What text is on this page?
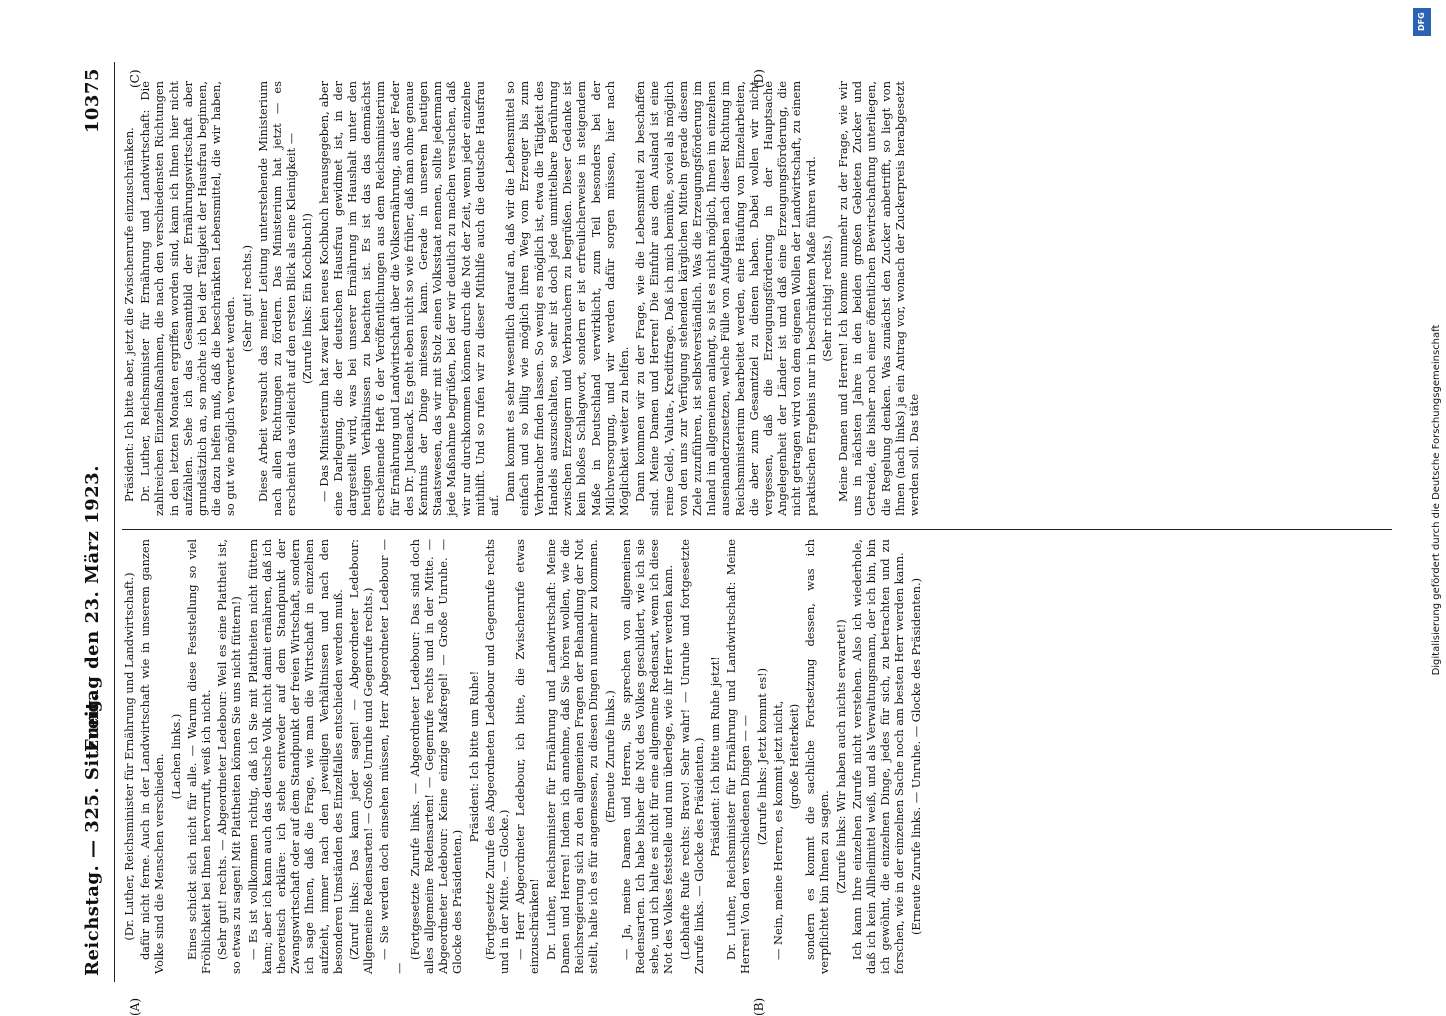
Reichstag. — 325. Sitzung.
Freitag den 23. März 1923.
10375
(A)	(B)
(C)	(D)

(Dr. Luther, Reichsminister für Ernährung und Landwirtschaft.) dafür nicht ferne. Auch in der Landwirtschaft wie in unserem ganzen Volke sind die Menschen verschieden. (Lachen links.) Eines schickt sich nicht für alle. — Warum diese Feststellung so viel Fröhlichkeit bei Ihnen hervorruft, weiß ich nicht. (Sehr gut! rechts. — Abgeordneter Ledebour: Weil es eine Plattheit ist, so etwas zu sagen! Mit Plattheiten können Sie uns nicht füttern!) — Es ist vollkommen richtig, daß ich Sie mit Plattheiten nicht füttern kann; aber ich kann auch das deutsche Volk nicht damit ernähren, daß ich theoretisch erkläre: ich stehe entweder auf dem Standpunkt der Zwangswirtschaft oder auf dem Standpunkt der freien Wirtschaft, sondern ich sage Ihnen, daß die Frage, wie man die Wirtschaft in einzelnen aufzieht, immer nach den jeweiligen Verhältnissen und nach den besonderen Umständen des Einzelfalles entschieden werden muß. (Zuruf links: Das kann jeder sagen! — Abgeordneter Ledebour: Allgemeine Redensarten! — Große Unruhe und Gegenrufe rechts.) — Sie werden doch einsehen müssen, Herr Abgeordneter Ledebour — —

(Fortgesetzte Zurufe links. — Abgeordneter Ledebour: Das sind doch alles allgemeine Redensarten! — Gegenrufe rechts und in der Mitte. — Abgeordneter Ledebour: Keine einzige Maßregel! — Große Unruhe. — Glocke des Präsidenten.)

Präsident: Ich bitte um Ruhe! (Fortgesetzte Zurufe des Abgeordneten Ledebour und Gegenrufe rechts und in der Mitte. — Glocke.) — Herr Abgeordneter Ledebour, ich bitte, die Zwischenrufe etwas einzuschränken! Dr. Luther, Reichsminister für Ernährung und Landwirtschaft: Meine Damen und Herren! Indem ich annehme, daß Sie hören wollen, wie die Reichsregierung sich zu den allgemeinen Fragen der Behandlung der Not stellt, halte ich es für angemessen, zu diesen Dingen nunmehr zu kommen. (Erneute Zurufe links.) — Ja, meine Damen und Herren, Sie sprechen von allgemeinen Redensarten. Ich habe bisher die Not des Volkes geschildert, wie ich sie sehe, und ich halte es nicht für eine allgemeine Redensart, wenn ich diese Not des Volkes feststelle und nun überlege, wie ihr Herr werden kann. (Lebhafte Rufe rechts: Bravo! Sehr wahr! — Unruhe und fortgesetzte Zurufe links. — Glocke des Präsidenten.) Präsident: Ich bitte um Ruhe jetzt! Dr. Luther, Reichsminister für Ernährung und Landwirtschaft: Meine Herren! Von den verschiedenen Dingen — — (Zurufe links: Jetzt kommt es!) — Nein, meine Herren, es kommt jetzt nicht, (große Heiterkeit) sondern es kommt die sachliche Fortsetzung dessen, was ich verpflichtet bin Ihnen zu sagen. (Zurufe links: Wir haben auch nichts erwartet!) Ich kann Ihre einzelnen Zurufe nicht verstehen. Also ich wiederhole, daß ich kein Allheilmittel weiß, und als Verwaltungsmann, der ich bin, bin ich gewöhnt, die einzelnen Dinge, jedes für sich, zu betrachten und zu forschen, wie in der einzelnen Sache noch am besten Herr werden kann. (Erneute Zurufe links. — Unruhe. — Glocke des Präsidenten.)

Präsident: Ich bitte aber, jetzt die Zwischenrufe einzuschränken. Dr. Luther, Reichsminister für Ernährung und Landwirtschaft: Die zahlreichen Einzelmaßnahmen, die nach den verschiedensten Richtungen in den letzten Monaten ergriffen worden sind, kann ich Ihnen hier nicht aufzählen. Sehe ich das Gesamtbild der Ernährungswirtschaft aber grundsätzlich an, so möchte ich bei der Tätigkeit der Hausfrau beginnen, die dazu helfen muß, daß die beschränkten Lebensmittel, die wir haben, so gut wie möglich verwertet werden. (Sehr gut! rechts.) Diese Arbeit versucht das meiner Leitung unterstehende Ministerium nach allen Richtungen zu fördern. Das Ministerium hat jetzt — es erscheint das vielleicht auf den ersten Blick als eine Kleinigkeit — (Zurufe links: Ein Kochbuch!) — Das Ministerium hat zwar kein neues Kochbuch herausgegeben, aber eine Darlegung, die der deutschen Hausfrau gewidmet ist, in der dargestellt wird, was bei unserer Ernährung im Haushalt unter den heutigen Verhältnissen zu beachten ist. Es ist das das demnächst erscheinende Heft 6 der Veröffentlichungen aus dem Reichsministerium für Ernährung und Landwirtschaft über die Volksernährung, aus der Feder des Dr. Juckenack. Es geht eben nicht so wie früher, daß man ohne genaue Kenntnis der Dinge mitessen kann. Gerade in unserem heutigen Staatswesen, das wir mit Stolz einen Volksstaat nennen, sollte jedermann jede Maßnahme begrüßen, bei der wir deutlich zu machen versuchen, daß wir nur durchkommen können durch die Not der Zeit, wenn jeder einzelne mithilft. Und so rufen wir zu dieser Mithilfe auch die deutsche Hausfrau auf.

Dann kommt es sehr wesentlich darauf an, daß wir die Lebensmittel so einfach und so billig wie möglich ihren Weg vom Erzeuger bis zum Verbraucher finden lassen. So wenig es möglich ist, etwa die Tätigkeit des Handels auszuschalten, so sehr ist doch jede unmittelbare Berührung zwischen Erzeugern und Verbrauchern zu begrüßen. Dieser Gedanke ist kein bloßes Schlagwort, sondern er ist erfreulicherweise in steigendem Maße in Deutschland verwirklicht, zum Teil besonders bei der Milchversorgung, und wir werden dafür sorgen müssen, hier nach Möglichkeit weiter zu helfen. Dann kommen wir zu der Frage, wie die Lebensmittel zu beschaffen sind. Meine Damen und Herren! Die Einfuhr aus dem Ausland ist eine reine Geld-, Valuta-, Kreditfrage. Daß ich mich bemühe, soviel als möglich von den uns zur Verfügung stehenden kärglichen Mitteln gerade diesem Ziele zuzuführen, ist selbstverständlich. Was die Erzeugungsförderung im Inland im allgemeinen anlangt, so ist es nicht möglich, Ihnen im einzelnen auseinanderzusetzen, welche Fülle von Aufgaben nach dieser Richtung im Reichsministerium bearbeitet werden, eine Häufung von Einzelarbeiten, die aber zum Gesamtziel zu dienen haben. Dabei wollen wir nicht vergessen, daß die Erzeugungsförderung in der Hauptsache Angelegenheit der Länder ist und daß eine Erzeugungsförderung, die nicht getragen wird von dem eigenen Wollen der Landwirtschaft, zu einem praktischen Ergebnis nur in beschränktem Maße führen wird. (Sehr richtig! rechts.) Meine Damen und Herren! Ich komme nunmehr zu der Frage, wie wir uns in nächsten Jahre in den beiden großen Gebieten Zucker und Getreide, die bisher noch einer öffentlichen Bewirtschaftung unterliegen, die Regelung denken. Was zunächst den Zucker anbetrifft, so liegt von Ihnen (nach links) ja ein Antrag vor, wonach der Zuckerpreis herabgesetzt werden soll. Das täte

DFG
Digitalisierung gefördert durch die Deutsche Forschungsgemeinschaft
